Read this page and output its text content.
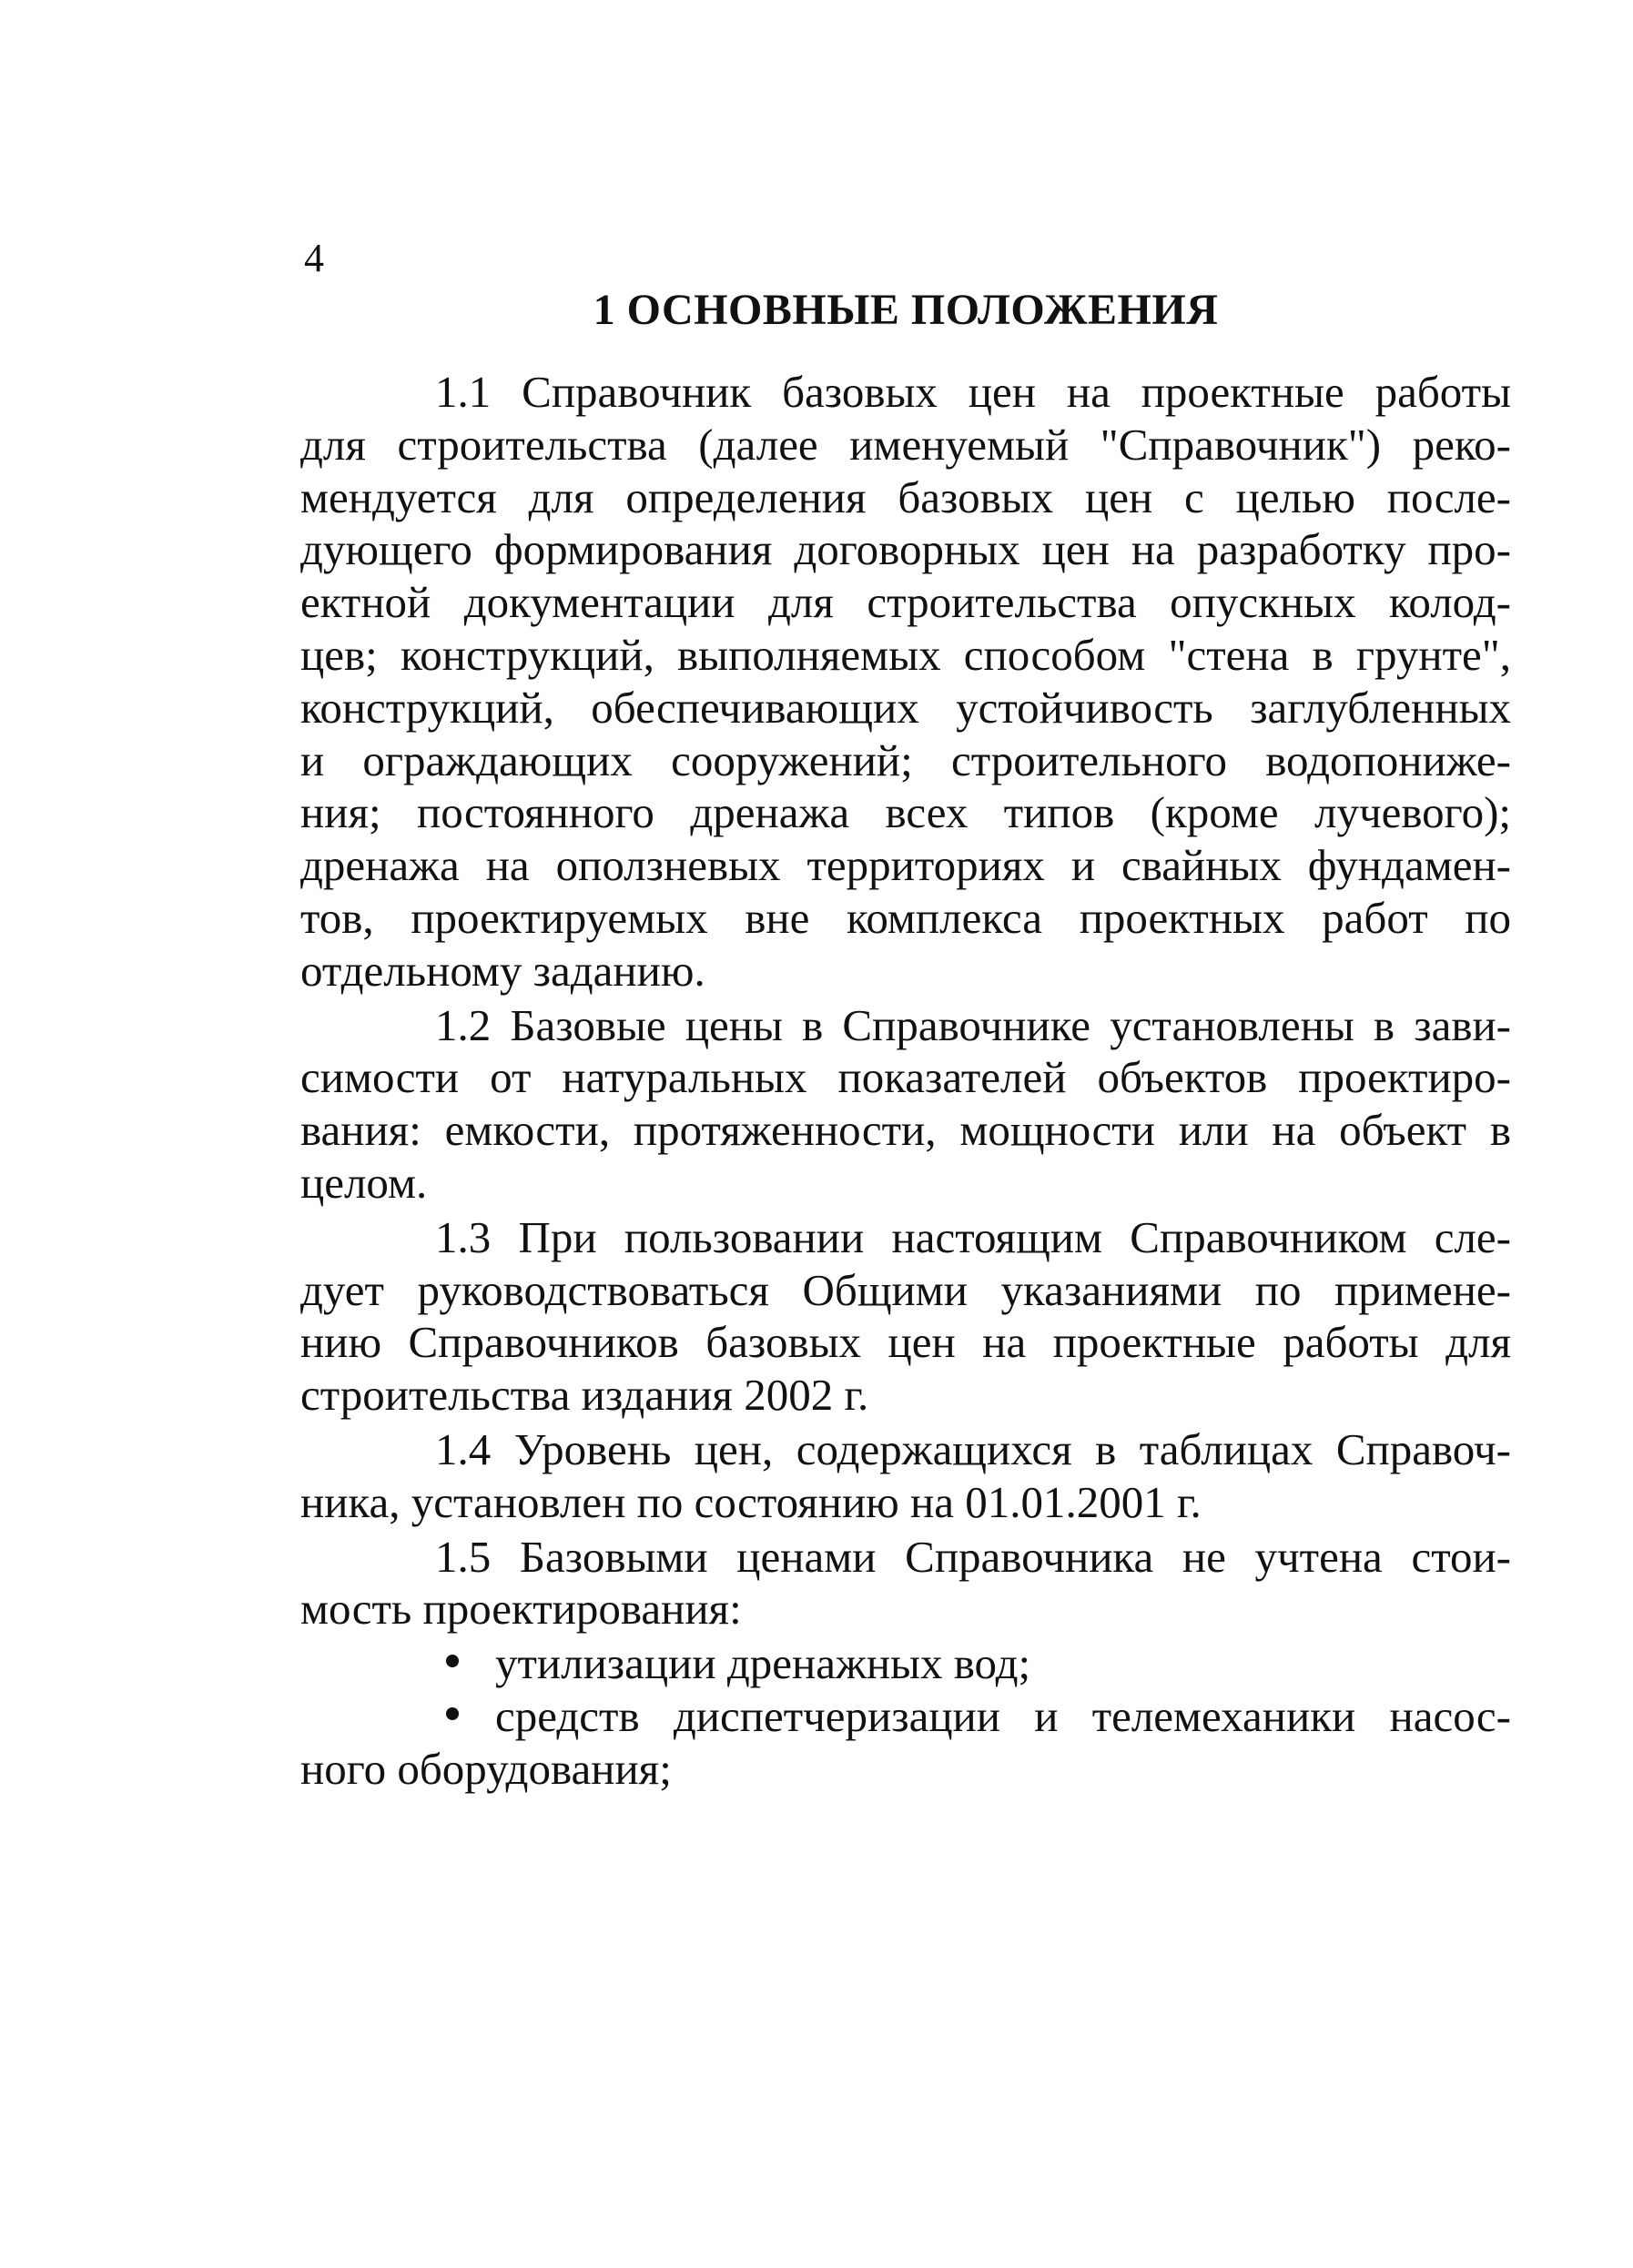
4
1 ОСНОВНЫЕ ПОЛОЖЕНИЯ

1.1 Справочник базовых цен на проектные работы
для строительства (далее именуемый "Справочник") реко-
мендуется для определения базовых цен с целью после-
дующего формирования договорных цен на разработку про-
ектной документации для строительства опускных колод-
цев; конструкций, выполняемых способом "стена в грунте",
конструкций, обеспечивающих устойчивость заглубленных
и ограждающих сооружений; строительного водопониже-
ния; постоянного дренажа всех типов (кроме лучевого);
дренажа на оползневых территориях и свайных фундамен-
тов, проектируемых вне комплекса проектных работ по
отдельному заданию.

1.2 Базовые цены в Справочнике установлены в зави-
симости от натуральных показателей объектов проектиро-
вания: емкости, протяженности, мощности или на объект в
целом.

1.3 При пользовании настоящим Справочником сле-
дует руководствоваться Общими указаниями по примене-
нию Справочников базовых цен на проектные работы для
строительства издания 2002 г.

1.4 Уровень цен, содержащихся в таблицах Справоч-
ника, установлен по состоянию на 01.01.2001 г.

1.5 Базовыми ценами Справочника не учтена стои-
мость проектирования:

утилизации дренажных вод;
средств диспетчеризации и телемеханики насос-
ного оборудования;
